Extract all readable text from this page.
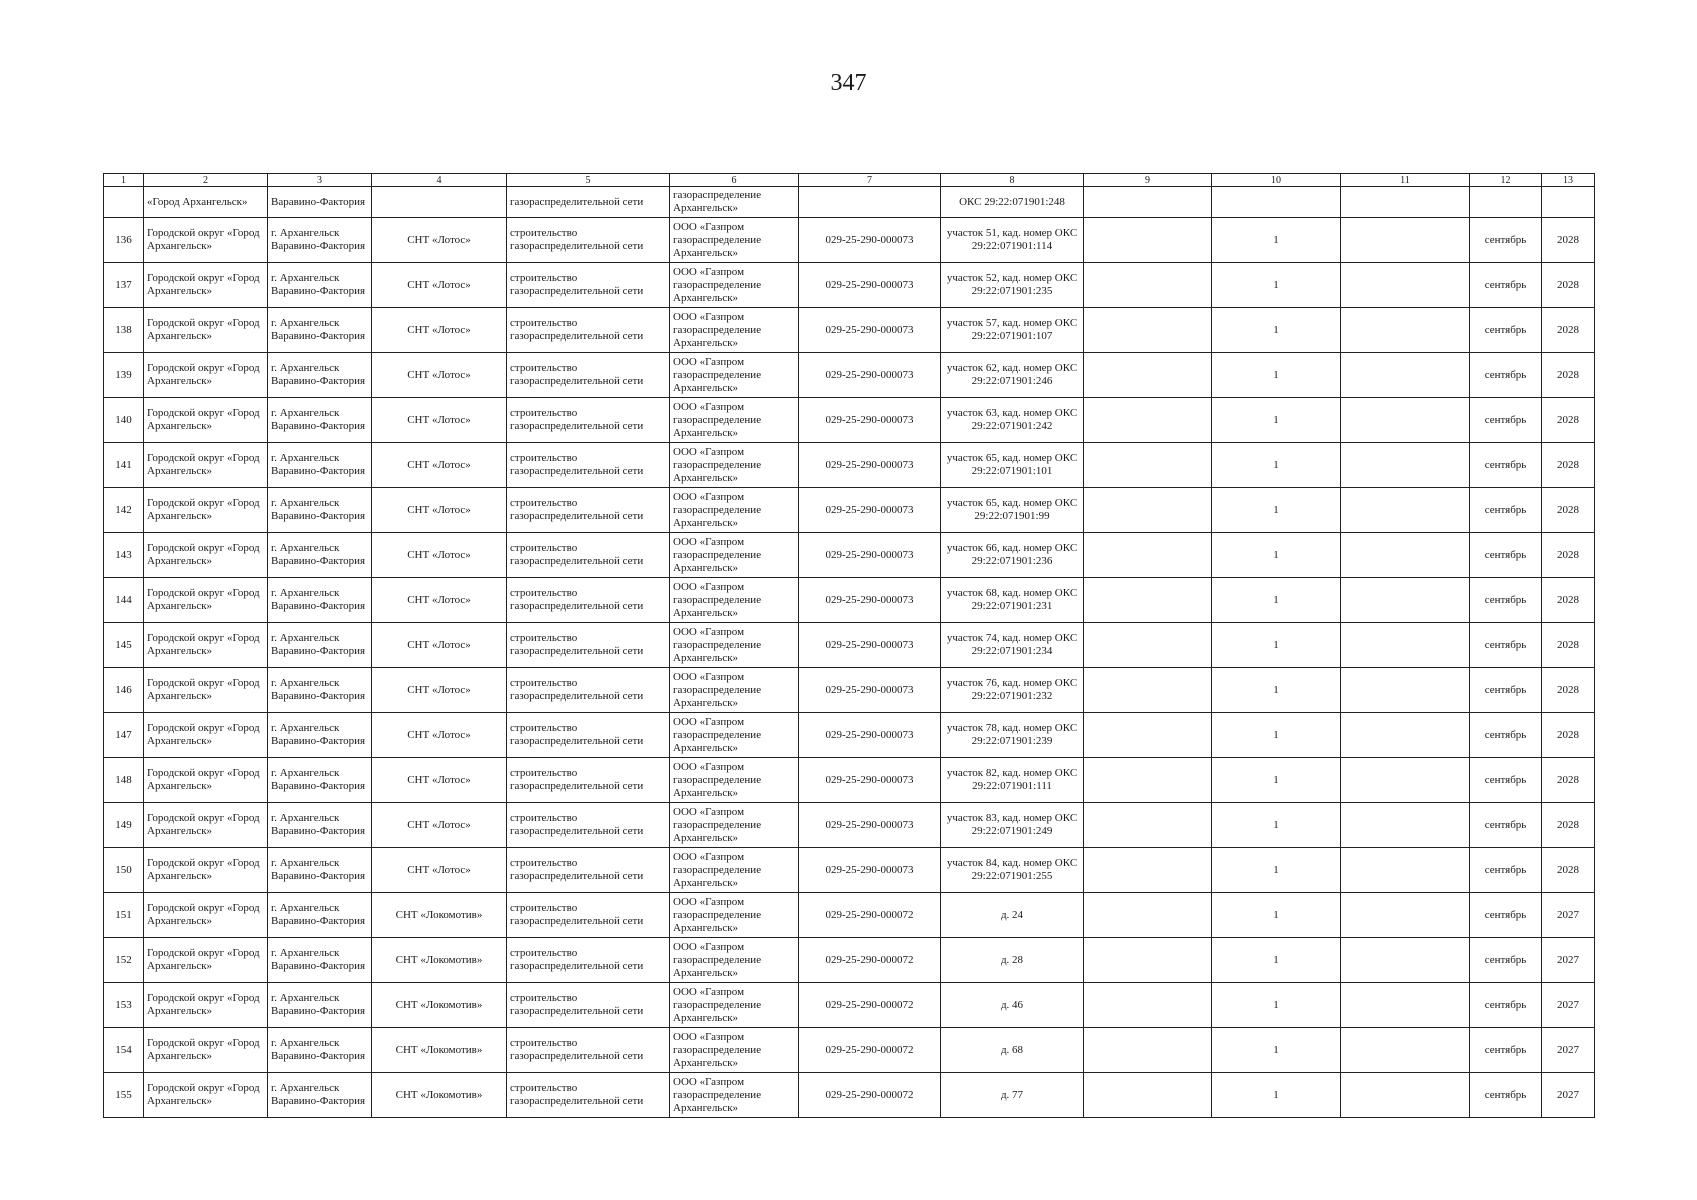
347
1	2	3	4	5	6	7	8	9	10	11	12	13
	«Город Архангельск»	Варавино-Фактория		газораспределительной сети	газораспределение Архангельск»		ОКС 29:22:071901:248					
136	Городской округ «Город Архангельск»	г. Архангельск Варавино-Фактория	СНТ «Лотос»	строительство газораспределительной сети	ООО «Газпром газораспределение Архангельск»	029-25-290-000073	участок 51, кад. номер ОКС 29:22:071901:114		1		сентябрь	2028
137	Городской округ «Город Архангельск»	г. Архангельск Варавино-Фактория	СНТ «Лотос»	строительство газораспределительной сети	ООО «Газпром газораспределение Архангельск»	029-25-290-000073	участок 52, кад. номер ОКС 29:22:071901:235		1		сентябрь	2028
138	Городской округ «Город Архангельск»	г. Архангельск Варавино-Фактория	СНТ «Лотос»	строительство газораспределительной сети	ООО «Газпром газораспределение Архангельск»	029-25-290-000073	участок 57, кад. номер ОКС 29:22:071901:107		1		сентябрь	2028
139	Городской округ «Город Архангельск»	г. Архангельск Варавино-Фактория	СНТ «Лотос»	строительство газораспределительной сети	ООО «Газпром газораспределение Архангельск»	029-25-290-000073	участок 62, кад. номер ОКС 29:22:071901:246		1		сентябрь	2028
140	Городской округ «Город Архангельск»	г. Архангельск Варавино-Фактория	СНТ «Лотос»	строительство газораспределительной сети	ООО «Газпром газораспределение Архангельск»	029-25-290-000073	участок 63, кад. номер ОКС 29:22:071901:242		1		сентябрь	2028
141	Городской округ «Город Архангельск»	г. Архангельск Варавино-Фактория	СНТ «Лотос»	строительство газораспределительной сети	ООО «Газпром газораспределение Архангельск»	029-25-290-000073	участок 65, кад. номер ОКС 29:22:071901:101		1		сентябрь	2028
142	Городской округ «Город Архангельск»	г. Архангельск Варавино-Фактория	СНТ «Лотос»	строительство газораспределительной сети	ООО «Газпром газораспределение Архангельск»	029-25-290-000073	участок 65, кад. номер ОКС 29:22:071901:99		1		сентябрь	2028
143	Городской округ «Город Архангельск»	г. Архангельск Варавино-Фактория	СНТ «Лотос»	строительство газораспределительной сети	ООО «Газпром газораспределение Архангельск»	029-25-290-000073	участок 66, кад. номер ОКС 29:22:071901:236		1		сентябрь	2028
144	Городской округ «Город Архангельск»	г. Архангельск Варавино-Фактория	СНТ «Лотос»	строительство газораспределительной сети	ООО «Газпром газораспределение Архангельск»	029-25-290-000073	участок 68, кад. номер ОКС 29:22:071901:231		1		сентябрь	2028
145	Городской округ «Город Архангельск»	г. Архангельск Варавино-Фактория	СНТ «Лотос»	строительство газораспределительной сети	ООО «Газпром газораспределение Архангельск»	029-25-290-000073	участок 74, кад. номер ОКС 29:22:071901:234		1		сентябрь	2028
146	Городской округ «Город Архангельск»	г. Архангельск Варавино-Фактория	СНТ «Лотос»	строительство газораспределительной сети	ООО «Газпром газораспределение Архангельск»	029-25-290-000073	участок 76, кад. номер ОКС 29:22:071901:232		1		сентябрь	2028
147	Городской округ «Город Архангельск»	г. Архангельск Варавино-Фактория	СНТ «Лотос»	строительство газораспределительной сети	ООО «Газпром газораспределение Архангельск»	029-25-290-000073	участок 78, кад. номер ОКС 29:22:071901:239		1		сентябрь	2028
148	Городской округ «Город Архангельск»	г. Архангельск Варавино-Фактория	СНТ «Лотос»	строительство газораспределительной сети	ООО «Газпром газораспределение Архангельск»	029-25-290-000073	участок 82, кад. номер ОКС 29:22:071901:111		1		сентябрь	2028
149	Городской округ «Город Архангельск»	г. Архангельск Варавино-Фактория	СНТ «Лотос»	строительство газораспределительной сети	ООО «Газпром газораспределение Архангельск»	029-25-290-000073	участок 83, кад. номер ОКС 29:22:071901:249		1		сентябрь	2028
150	Городской округ «Город Архангельск»	г. Архангельск Варавино-Фактория	СНТ «Лотос»	строительство газораспределительной сети	ООО «Газпром газораспределение Архангельск»	029-25-290-000073	участок 84, кад. номер ОКС 29:22:071901:255		1		сентябрь	2028
151	Городской округ «Город Архангельск»	г. Архангельск Варавино-Фактория	СНТ «Локомотив»	строительство газораспределительной сети	ООО «Газпром газораспределение Архангельск»	029-25-290-000072	д. 24		1		сентябрь	2027
152	Городской округ «Город Архангельск»	г. Архангельск Варавино-Фактория	СНТ «Локомотив»	строительство газораспределительной сети	ООО «Газпром газораспределение Архангельск»	029-25-290-000072	д. 28		1		сентябрь	2027
153	Городской округ «Город Архангельск»	г. Архангельск Варавино-Фактория	СНТ «Локомотив»	строительство газораспределительной сети	ООО «Газпром газораспределение Архангельск»	029-25-290-000072	д. 46		1		сентябрь	2027
154	Городской округ «Город Архангельск»	г. Архангельск Варавино-Фактория	СНТ «Локомотив»	строительство газораспределительной сети	ООО «Газпром газораспределение Архангельск»	029-25-290-000072	д. 68		1		сентябрь	2027
155	Городской округ «Город Архангельск»	г. Архангельск Варавино-Фактория	СНТ «Локомотив»	строительство газораспределительной сети	ООО «Газпром газораспределение Архангельск»	029-25-290-000072	д. 77		1		сентябрь	2027
